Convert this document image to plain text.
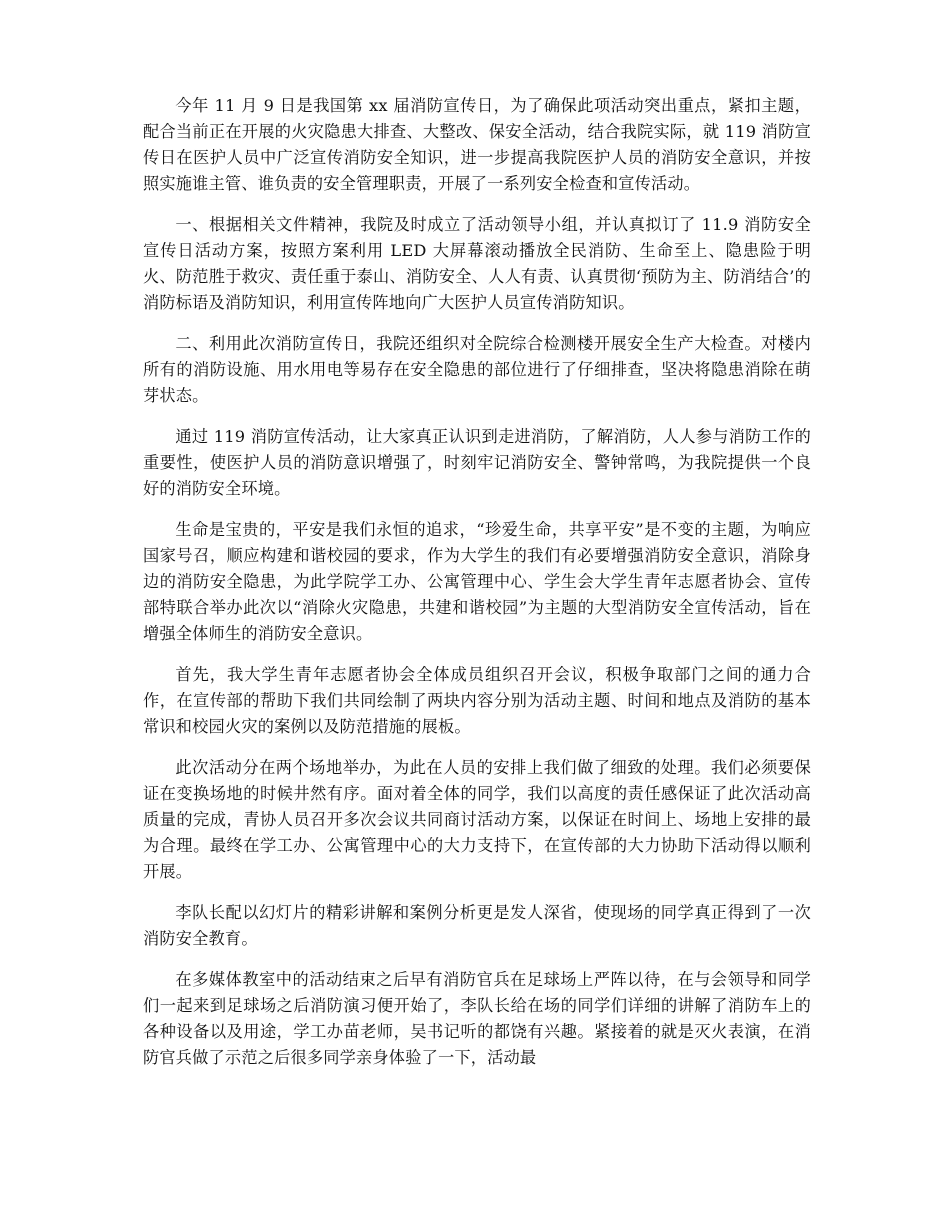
今年 11 月 9 日是我国第 xx 届消防宣传日，为了确保此项活动突出重点，紧扣主题，配合当前正在开展的火灾隐患大排查、大整改、保安全活动，结合我院实际，就 119 消防宣传日在医护人员中广泛宣传消防安全知识，进一步提高我院医护人员的消防安全意识，并按照实施谁主管、谁负责的安全管理职责，开展了一系列安全检查和宣传活动。

一、根据相关文件精神，我院及时成立了活动领导小组，并认真拟订了 11.9 消防安全宣传日活动方案，按照方案利用 LED 大屏幕滚动播放全民消防、生命至上、隐患险于明火、防范胜于救灾、责任重于泰山、消防安全、人人有责、认真贯彻‘预防为主、防消结合’的消防标语及消防知识，利用宣传阵地向广大医护人员宣传消防知识。

二、利用此次消防宣传日，我院还组织对全院综合检测楼开展安全生产大检查。对楼内所有的消防设施、用水用电等易存在安全隐患的部位进行了仔细排查，坚决将隐患消除在萌芽状态。

通过 119 消防宣传活动，让大家真正认识到走进消防，了解消防，人人参与消防工作的重要性，使医护人员的消防意识增强了，时刻牢记消防安全、警钟常鸣，为我院提供一个良好的消防安全环境。

生命是宝贵的，平安是我们永恒的追求，“珍爱生命，共享平安”是不变的主题，为响应国家号召，顺应构建和谐校园的要求，作为大学生的我们有必要增强消防安全意识，消除身边的消防安全隐患，为此学院学工办、公寓管理中心、学生会大学生青年志愿者协会、宣传部特联合举办此次以“消除火灾隐患，共建和谐校园”为主题的大型消防安全宣传活动，旨在增强全体师生的消防安全意识。

首先，我大学生青年志愿者协会全体成员组织召开会议，积极争取部门之间的通力合作，在宣传部的帮助下我们共同绘制了两块内容分别为活动主题、时间和地点及消防的基本常识和校园火灾的案例以及防范措施的展板。

此次活动分在两个场地举办，为此在人员的安排上我们做了细致的处理。我们必须要保证在变换场地的时候井然有序。面对着全体的同学，我们以高度的责任感保证了此次活动高质量的完成，青协人员召开多次会议共同商讨活动方案，以保证在时间上、场地上安排的最为合理。最终在学工办、公寓管理中心的大力支持下，在宣传部的大力协助下活动得以顺利开展。

李队长配以幻灯片的精彩讲解和案例分析更是发人深省，使现场的同学真正得到了一次消防安全教育。

在多媒体教室中的活动结束之后早有消防官兵在足球场上严阵以待，在与会领导和同学们一起来到足球场之后消防演习便开始了，李队长给在场的同学们详细的讲解了消防车上的各种设备以及用途，学工办苗老师，吴书记听的都饶有兴趣。紧接着的就是灭火表演，在消防官兵做了示范之后很多同学亲身体验了一下，活动最
